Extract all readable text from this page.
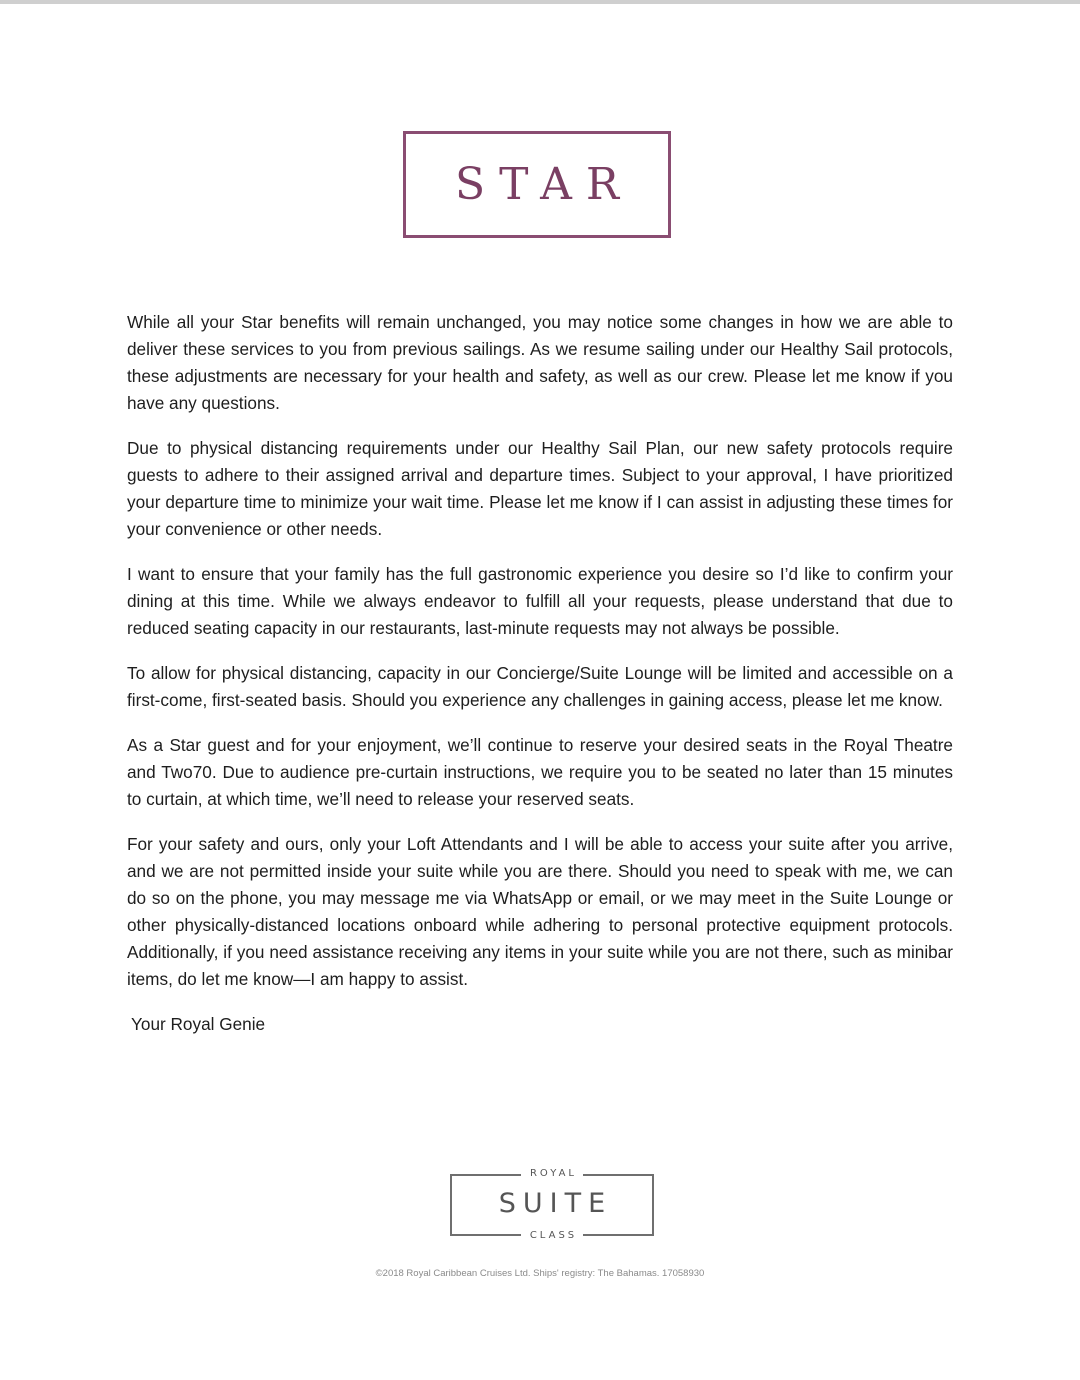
STAR

While all your Star benefits will remain unchanged, you may notice some changes in how we are able to deliver these services to you from previous sailings. As we resume sailing under our Healthy Sail protocols, these adjustments are necessary for your health and safety, as well as our crew. Please let me know if you have any questions.

Due to physical distancing requirements under our Healthy Sail Plan, our new safety protocols require guests to adhere to their assigned arrival and departure times. Subject to your approval, I have prioritized your departure time to minimize your wait time. Please let me know if I can assist in adjusting these times for your convenience or other needs.

I want to ensure that your family has the full gastronomic experience you desire so I’d like to confirm your dining at this time. While we always endeavor to fulfill all your requests, please understand that due to reduced seating capacity in our restaurants, last-minute requests may not always be possible.

To allow for physical distancing, capacity in our Concierge/Suite Lounge will be limited and accessible on a first-come, first-seated basis. Should you experience any challenges in gaining access, please let me know.

As a Star guest and for your enjoyment, we’ll continue to reserve your desired seats in the Royal Theatre and Two70. Due to audience pre-curtain instructions, we require you to be seated no later than 15 minutes to curtain, at which time, we’ll need to release your reserved seats.

For your safety and ours, only your Loft Attendants and I will be able to access your suite after you arrive, and we are not permitted inside your suite while you are there. Should you need to speak with me, we can do so on the phone, you may message me via WhatsApp or email, or we may meet in the Suite Lounge or other physically-distanced locations onboard while adhering to personal protective equipment protocols. Additionally, if you need assistance receiving any items in your suite while you are not there, such as minibar items, do let me know—I am happy to assist.

Your Royal Genie

ROYAL
SUITE
CLASS
©2018 Royal Caribbean Cruises Ltd. Ships' registry: The Bahamas. 17058930
